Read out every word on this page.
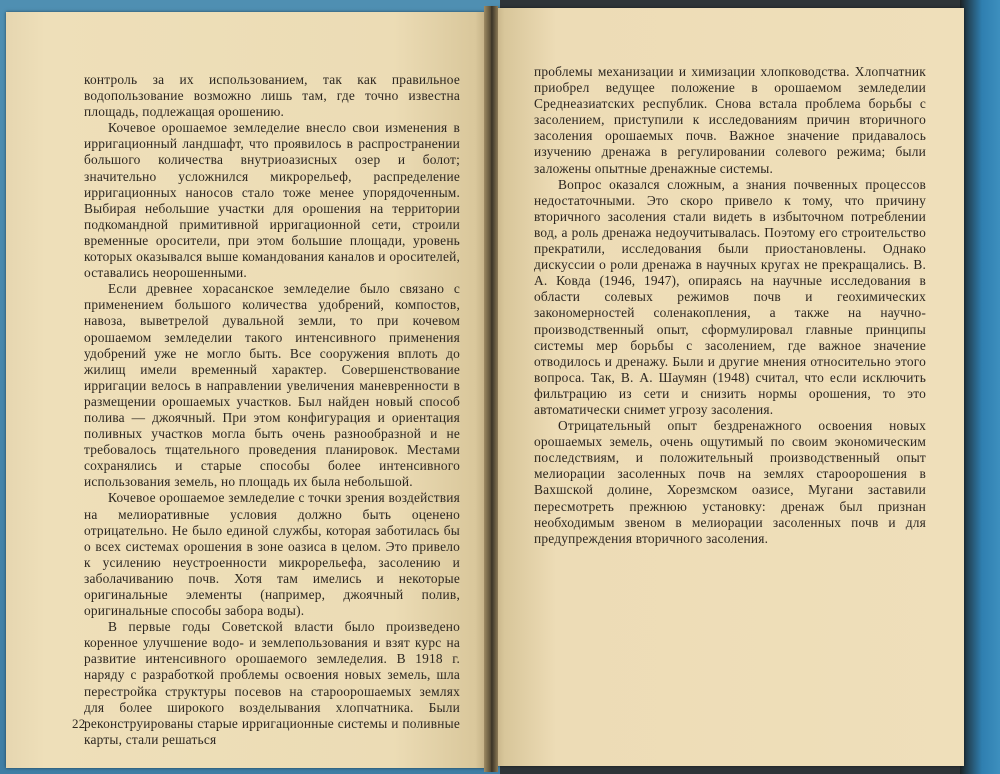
контроль за их использованием, так как правильное водопользование возможно лишь там, где точно известна площадь, подлежащая орошению.

Кочевое орошаемое земледелие внесло свои изменения в ирригационный ландшафт, что проявилось в распространении большого количества внутриоазисных озер и болот; значительно усложнился микрорельеф, распределение ирригационных наносов стало тоже менее упорядоченным. Выбирая небольшие участки для орошения на территории подкомандной примитивной ирригационной сети, строили временные оросители, при этом большие площади, уровень которых оказывался выше командования каналов и оросителей, оставались неорошенными.

Если древнее хорасанское земледелие было связано с применением большого количества удобрений, компостов, навоза, выветрелой дувальной земли, то при кочевом орошаемом земледелии такого интенсивного применения удобрений уже не могло быть. Все сооружения вплоть до жилищ имели временный характер. Совершенствование ирригации велось в направлении увеличения маневренности в размещении орошаемых участков. Был найден новый способ полива — джоячный. При этом конфигурация и ориентация поливных участков могла быть очень разнообразной и не требовалось тщательного проведения планировок. Местами сохранялись и старые способы более интенсивного использования земель, но площадь их была небольшой.

Кочевое орошаемое земледелие с точки зрения воздействия на мелиоративные условия должно быть оценено отрицательно. Не было единой службы, которая заботилась бы о всех системах орошения в зоне оазиса в целом. Это привело к усилению неустроенности микрорельефа, засолению и заболачиванию почв. Хотя там имелись и некоторые оригинальные элементы (например, джоячный полив, оригинальные способы забора воды).

В первые годы Советской власти было произведено коренное улучшение водо- и землепользования и взят курс на развитие интенсивного орошаемого земледелия. В 1918 г. наряду с разработкой проблемы освоения новых земель, шла перестройка структуры посевов на староорошаемых землях для более широкого возделывания хлопчатника. Были реконструированы старые ирригационные системы и поливные карты, стали решаться

22

проблемы механизации и химизации хлопководства. Хлопчатник приобрел ведущее положение в орошаемом земледелии Среднеазиатских республик. Снова встала проблема борьбы с засолением, приступили к исследованиям причин вторичного засоления орошаемых почв. Важное значение придавалось изучению дренажа в регулировании солевого режима; были заложены опытные дренажные системы.

Вопрос оказался сложным, а знания почвенных процессов недостаточными. Это скоро привело к тому, что причину вторичного засоления стали видеть в избыточном потреблении вод, а роль дренажа недоучитывалась. Поэтому его строительство прекратили, исследования были приостановлены. Однако дискуссии о роли дренажа в научных кругах не прекращались. В. А. Ковда (1946, 1947), опираясь на научные исследования в области солевых режимов почв и геохимических закономерностей соленакопления, а также на научно-производственный опыт, сформулировал главные принципы системы мер борьбы с засолением, где важное значение отводилось и дренажу. Были и другие мнения относительно этого вопроса. Так, В. А. Шаумян (1948) считал, что если исключить фильтрацию из сети и снизить нормы орошения, то это автоматически снимет угрозу засоления.

Отрицательный опыт бездренажного освоения новых орошаемых земель, очень ощутимый по своим экономическим последствиям, и положительный производственный опыт мелиорации засоленных почв на землях староорошения в Вахшской долине, Хорезмском оазисе, Мугани заставили пересмотреть прежнюю установку: дренаж был признан необходимым звеном в мелиорации засоленных почв и для предупреждения вторичного засоления.
